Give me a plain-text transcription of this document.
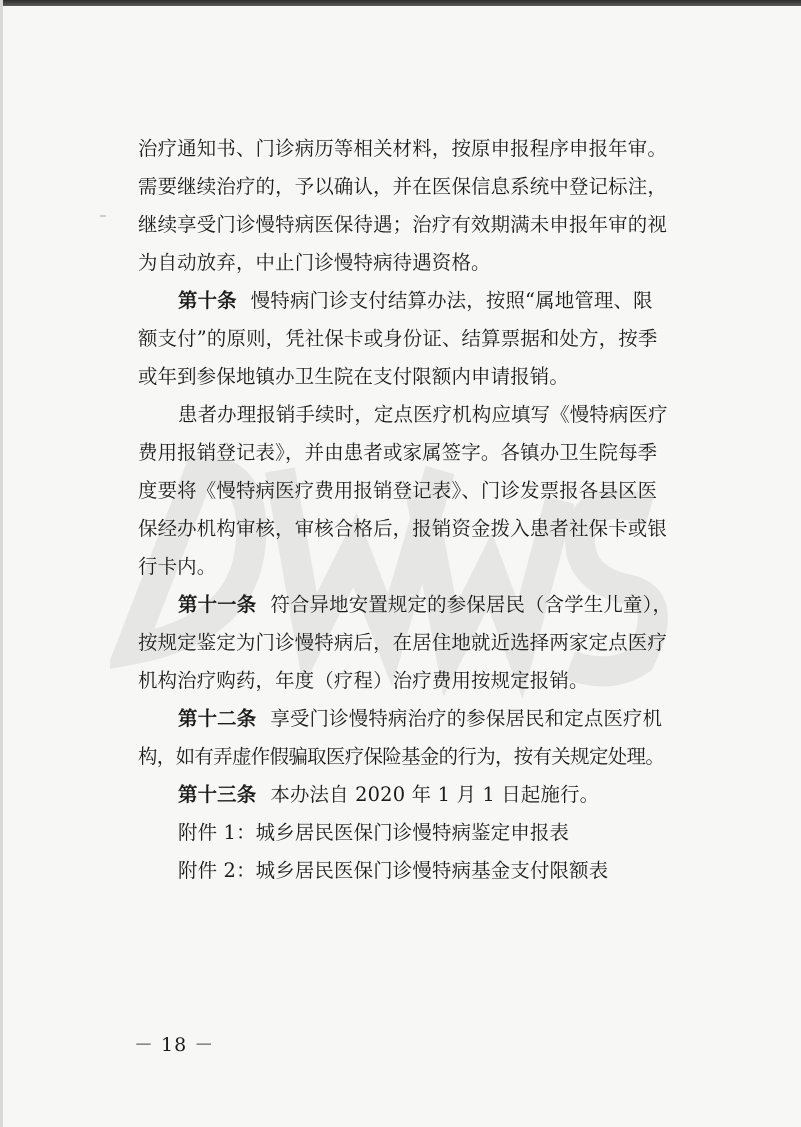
DWDS
治疗通知书、门诊病历等相关材料，按原申报程序申报年审。
需要继续治疗的，予以确认，并在医保信息系统中登记标注，
继续享受门诊慢特病医保待遇；治疗有效期满未申报年审的视
为自动放弃，中止门诊慢特病待遇资格。
第十条 慢特病门诊支付结算办法，按照“属地管理、限
额支付”的原则，凭社保卡或身份证、结算票据和处方，按季
或年到参保地镇办卫生院在支付限额内申请报销。
患者办理报销手续时，定点医疗机构应填写《慢特病医疗
费用报销登记表》，并由患者或家属签字。各镇办卫生院每季
度要将《慢特病医疗费用报销登记表》、门诊发票报各县区医
保经办机构审核，审核合格后，报销资金拨入患者社保卡或银
行卡内。
第十一条 符合异地安置规定的参保居民（含学生儿童），
按规定鉴定为门诊慢特病后，在居住地就近选择两家定点医疗
机构治疗购药，年度（疗程）治疗费用按规定报销。
第十二条 享受门诊慢特病治疗的参保居民和定点医疗机
构，如有弄虚作假骗取医疗保险基金的行为，按有关规定处理。
第十三条 本办法自 2020 年 1 月 1 日起施行。
附件 1：城乡居民医保门诊慢特病鉴定申报表
附件 2：城乡居民医保门诊慢特病基金支付限额表
－ 18 －
